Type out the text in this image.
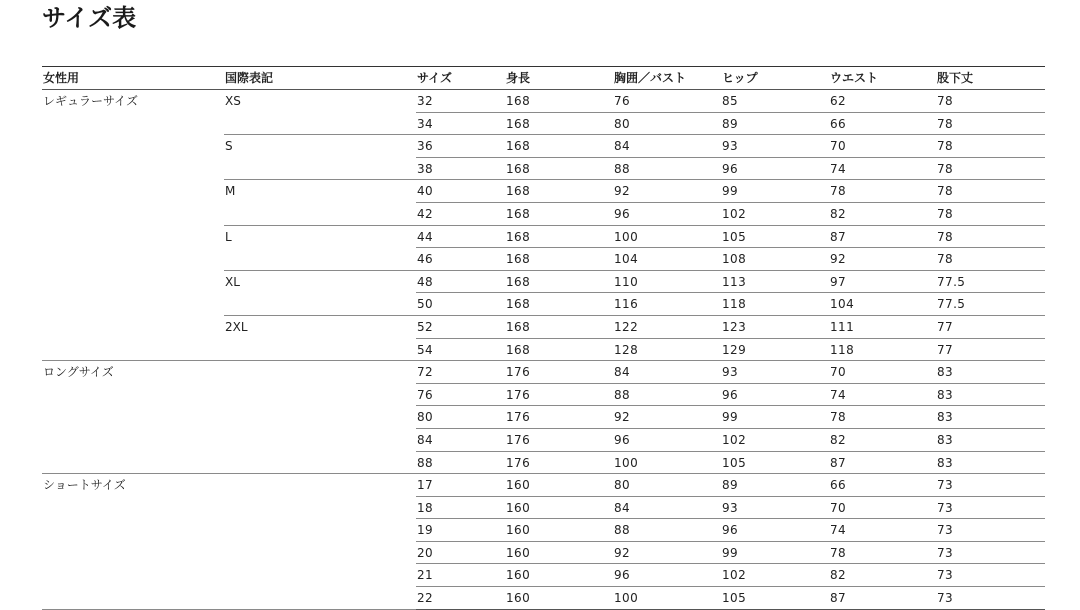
サイズ表
女性用	国際表記	サイズ	身長	胸囲／バスト	ヒップ	ウエスト	股下丈
レギュラーサイズ	XS	32	168	76	85	62	78
		34	168	80	89	66	78
	S	36	168	84	93	70	78
		38	168	88	96	74	78
	M	40	168	92	99	78	78
		42	168	96	102	82	78
	L	44	168	100	105	87	78
		46	168	104	108	92	78
	XL	48	168	110	113	97	77.5
		50	168	116	118	104	77.5
	2XL	52	168	122	123	111	77
		54	168	128	129	118	77
ロングサイズ		72	176	84	93	70	83
		76	176	88	96	74	83
		80	176	92	99	78	83
		84	176	96	102	82	83
		88	176	100	105	87	83
ショートサイズ		17	160	80	89	66	73
		18	160	84	93	70	73
		19	160	88	96	74	73
		20	160	92	99	78	73
		21	160	96	102	82	73
		22	160	100	105	87	73
